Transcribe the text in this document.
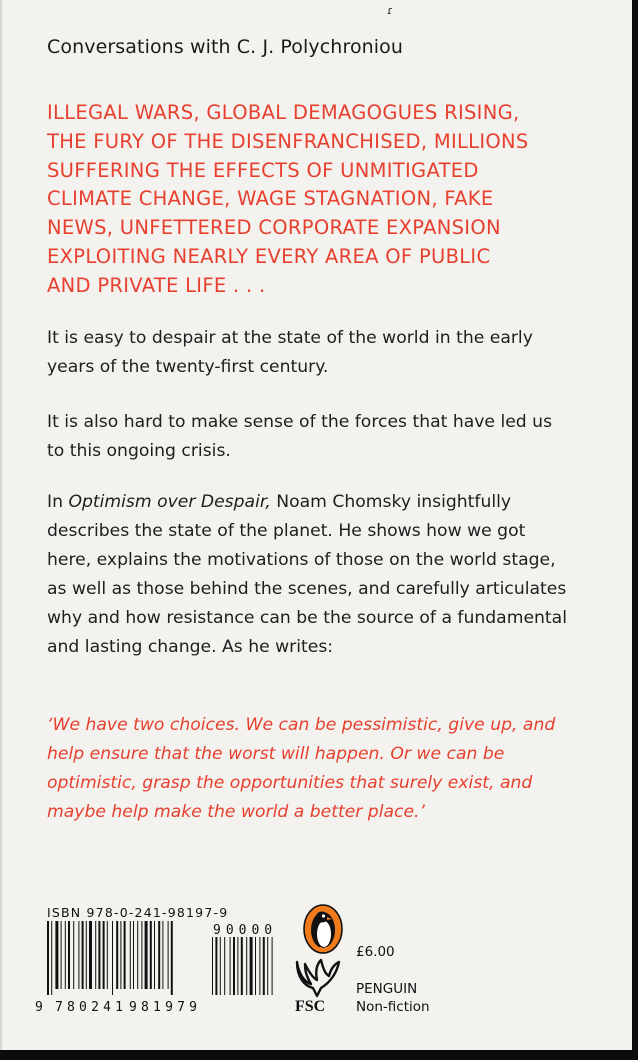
ɾ

Conversations with C. J. Polychroniou

ILLEGAL WARS, GLOBAL DEMAGOGUES RISING,
THE FURY OF THE DISENFRANCHISED, MILLIONS
SUFFERING THE EFFECTS OF UNMITIGATED
CLIMATE CHANGE, WAGE STAGNATION, FAKE
NEWS, UNFETTERED CORPORATE EXPANSION
EXPLOITING NEARLY EVERY AREA OF PUBLIC
AND PRIVATE LIFE . . .

It is easy to despair at the state of the world in the early years of the twenty-first century.

It is also hard to make sense of the forces that have led us to this ongoing crisis.

In Optimism over Despair, Noam Chomsky insightfully describes the state of the planet. He shows how we got here, explains the motivations of those on the world stage, as well as those behind the scenes, and carefully articulates why and how resistance can be the source of a fundamental and lasting change. As he writes:

‘We have two choices. We can be pessimistic, give up, and help ensure that the worst will happen. Or we can be optimistic, grasp the opportunities that surely exist, and maybe help make the world a better place.’

ISBN 978-0-241-98197-9
9 780241 981979
90000
FSC
£6.00
PENGUIN
Non-fiction
